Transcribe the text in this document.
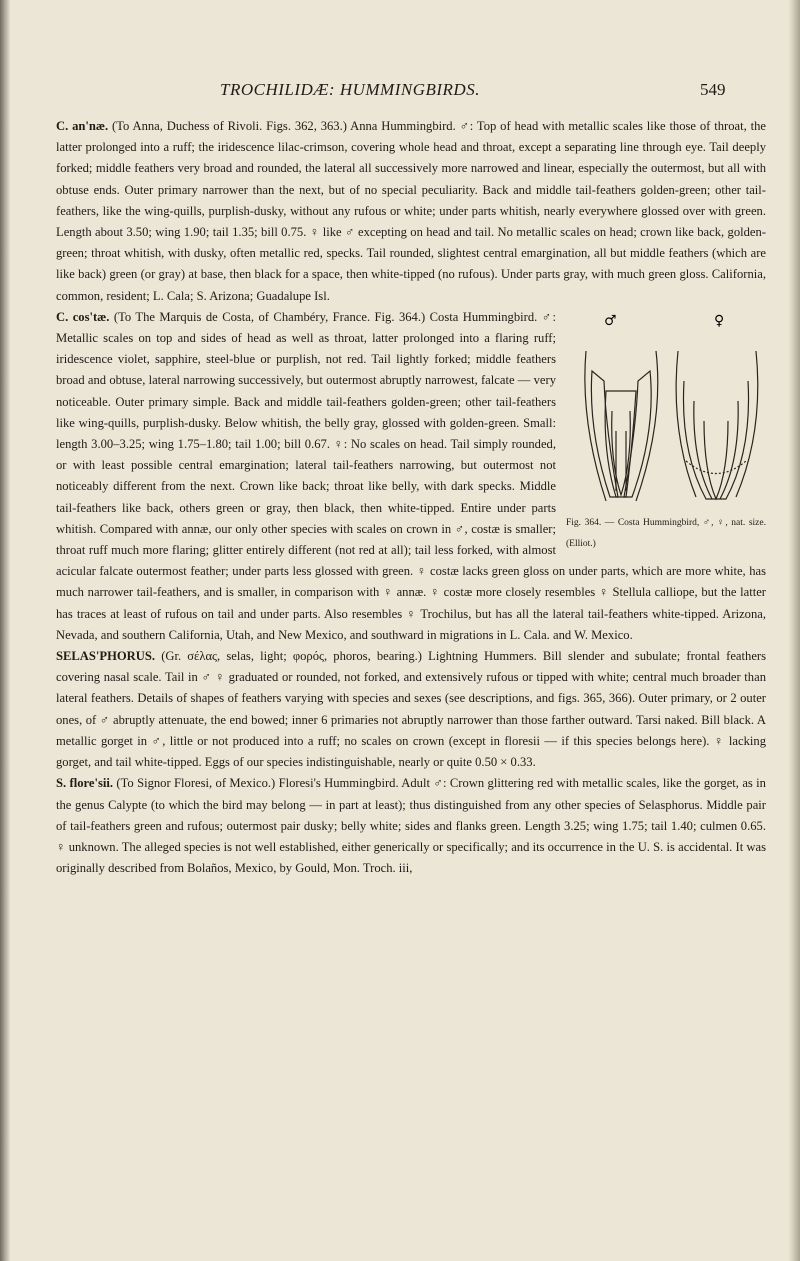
TROCHILIDÆ: HUMMINGBIRDS.	549

C. an'næ. (To Anna, Duchess of Rivoli. Figs. 362, 363.) Anna Hummingbird. ♂: Top of head with metallic scales like those of throat, the latter prolonged into a ruff; the iridescence lilac-crimson, covering whole head and throat, except a separating line through eye. Tail deeply forked; middle feathers very broad and rounded, the lateral all successively more narrowed and linear, especially the outermost, but all with obtuse ends. Outer primary narrower than the next, but of no special peculiarity. Back and middle tail-feathers golden-green; other tail-feathers, like the wing-quills, purplish-dusky, without any rufous or white; under parts whitish, nearly everywhere glossed over with green. Length about 3.50; wing 1.90; tail 1.35; bill 0.75. ♀ like ♂ excepting on head and tail. No metallic scales on head; crown like back, golden-green; throat whitish, with dusky, often metallic red, specks. Tail rounded, slightest central emargination, all but middle feathers (which are like back) green (or gray) at base, then black for a space, then white-tipped (no rufous). Under parts gray, with much green gloss. California, common, resident; L. Cala; S. Arizona; Guadalupe Isl.

♂	♀
Fig. 364. — Costa Hummingbird, ♂, ♀, nat. size. (Elliot.)
C. cos'tæ. (To The Marquis de Costa, of Chambéry, France. Fig. 364.) Costa Hummingbird. ♂: Metallic scales on top and sides of head as well as throat, latter prolonged into a flaring ruff; iridescence violet, sapphire, steel-blue or purplish, not red. Tail lightly forked; middle feathers broad and obtuse, lateral narrowing successively, but outermost abruptly narrowest, falcate — very noticeable. Outer primary simple. Back and middle tail-feathers golden-green; other tail-feathers like wing-quills, purplish-dusky. Below whitish, the belly gray, glossed with golden-green. Small: length 3.00–3.25; wing 1.75–1.80; tail 1.00; bill 0.67. ♀: No scales on head. Tail simply rounded, or with least possible central emargination; lateral tail-feathers narrowing, but outermost not noticeably different from the next. Crown like back; throat like belly, with dark specks. Middle tail-feathers like back, others green or gray, then black, then white-tipped. Entire under parts whitish. Compared with annæ, our only other species with scales on crown in ♂, costæ is smaller; throat ruff much more flaring; glitter entirely different (not red at all); tail less forked, with almost acicular falcate outermost feather; under parts less glossed with green. ♀ costæ lacks green gloss on under parts, which are more white, has much narrower tail-feathers, and is smaller, in comparison with ♀ annæ. ♀ costæ more closely resembles ♀ Stellula calliope, but the latter has traces at least of rufous on tail and under parts. Also resembles ♀ Trochilus, but has all the lateral tail-feathers white-tipped. Arizona, Nevada, and southern California, Utah, and New Mexico, and southward in migrations in L. Cala. and W. Mexico.

SELAS'PHORUS. (Gr. σέλας, selas, light; φορός, phoros, bearing.) Lightning Hummers. Bill slender and subulate; frontal feathers covering nasal scale. Tail in ♂ ♀ graduated or rounded, not forked, and extensively rufous or tipped with white; central much broader than lateral feathers. Details of shapes of feathers varying with species and sexes (see descriptions, and figs. 365, 366). Outer primary, or 2 outer ones, of ♂ abruptly attenuate, the end bowed; inner 6 primaries not abruptly narrower than those farther outward. Tarsi naked. Bill black. A metallic gorget in ♂, little or not produced into a ruff; no scales on crown (except in floresii — if this species belongs here). ♀ lacking gorget, and tail white-tipped. Eggs of our species indistinguishable, nearly or quite 0.50 × 0.33.

S. flore'sii. (To Signor Floresi, of Mexico.) Floresi's Hummingbird. Adult ♂: Crown glittering red with metallic scales, like the gorget, as in the genus Calypte (to which the bird may belong — in part at least); thus distinguished from any other species of Selasphorus. Middle pair of tail-feathers green and rufous; outermost pair dusky; belly white; sides and flanks green. Length 3.25; wing 1.75; tail 1.40; culmen 0.65. ♀ unknown. The alleged species is not well established, either generically or specifically; and its occurrence in the U. S. is accidental. It was originally described from Bolaños, Mexico, by Gould, Mon. Troch. iii,
